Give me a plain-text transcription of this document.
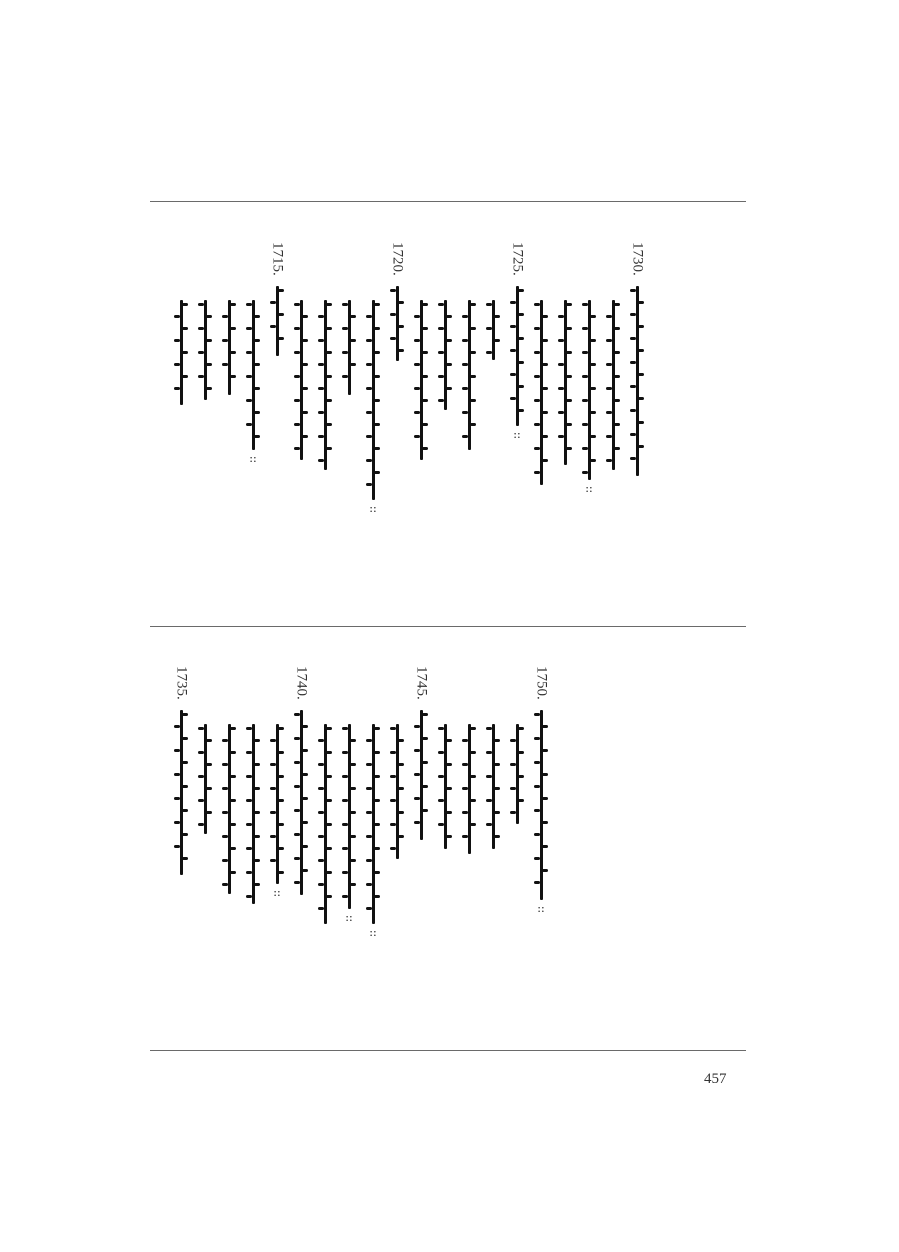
1730.
::
1725.
::
1720.
::
1715.
::
1750.
::
1745.
::
::
1740.
::
1735.
457
